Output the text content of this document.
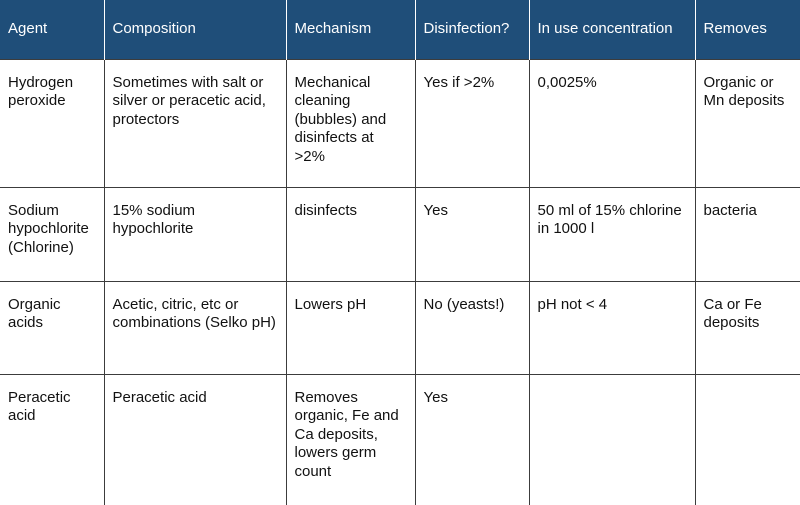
Agent	Composition	Mechanism	Disinfection?	In use concentration	Removes
Hydrogen peroxide	Sometimes with salt or silver or peracetic acid, protectors	Mechanical cleaning (bubbles) and disinfects at >2%	Yes if >2%	0,0025%	Organic or Mn deposits
Sodium hypochlorite (Chlorine)	15% sodium hypochlorite	disinfects	Yes	50 ml of 15% chlorine in 1000 l	bacteria
Organic acids	Acetic, citric, etc or combinations (Selko pH)	Lowers pH	No (yeasts!)	pH not < 4	Ca or Fe deposits
Peracetic acid	Peracetic acid	Removes organic, Fe and Ca deposits, lowers germ count	Yes		
